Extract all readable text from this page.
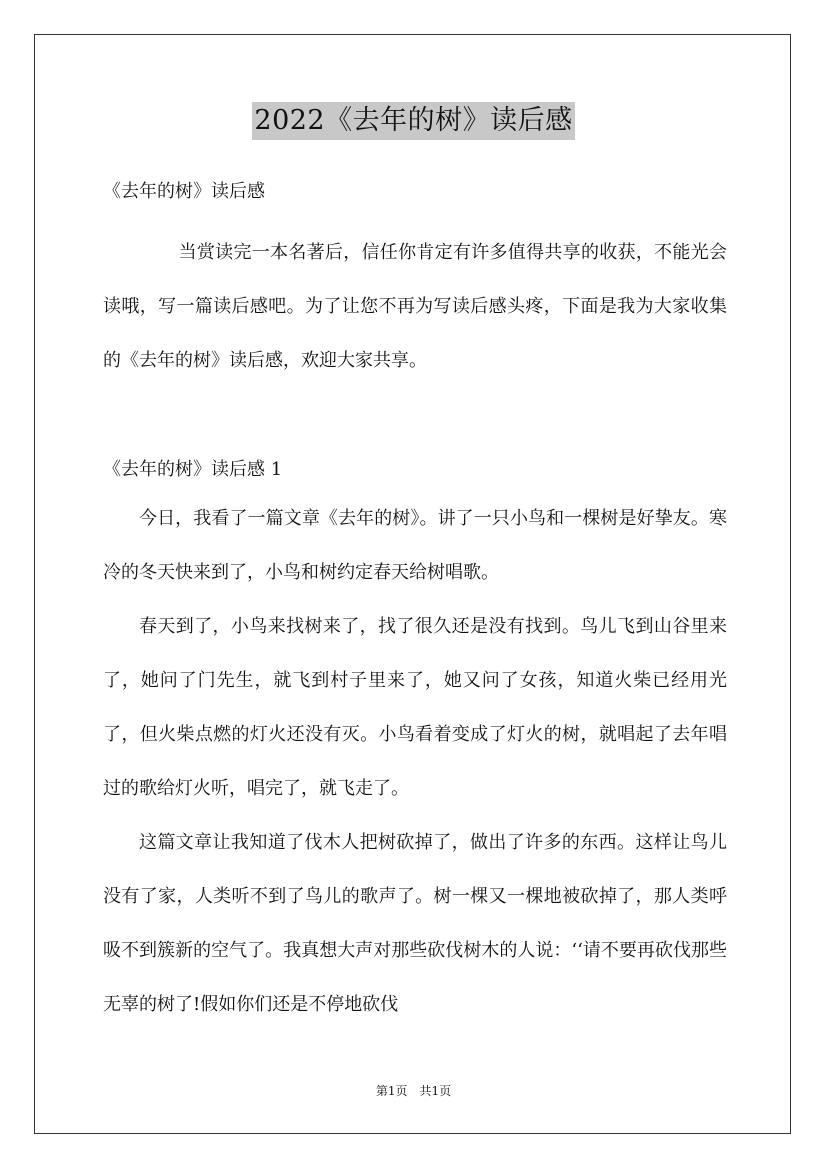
2022《去年的树》读后感

《去年的树》读后感

当赏读完一本名著后，信任你肯定有许多值得共享的收获，不能光会读哦，写一篇读后感吧。为了让您不再为写读后感头疼，下面是我为大家收集的《去年的树》读后感，欢迎大家共享。

《去年的树》读后感 1

今日，我看了一篇文章《去年的树》。讲了一只小鸟和一棵树是好挚友。寒冷的冬天快来到了，小鸟和树约定春天给树唱歌。

春天到了，小鸟来找树来了，找了很久还是没有找到。鸟儿飞到山谷里来了，她问了门先生，就飞到村子里来了，她又问了女孩，知道火柴已经用光了，但火柴点燃的灯火还没有灭。小鸟看着变成了灯火的树，就唱起了去年唱过的歌给灯火听，唱完了，就飞走了。

这篇文章让我知道了伐木人把树砍掉了，做出了许多的东西。这样让鸟儿没有了家，人类听不到了鸟儿的歌声了。树一棵又一棵地被砍掉了，那人类呼吸不到簇新的空气了。我真想大声对那些砍伐树木的人说：‘‘请不要再砍伐那些无辜的树了!假如你们还是不停地砍伐

第1页　共1页
